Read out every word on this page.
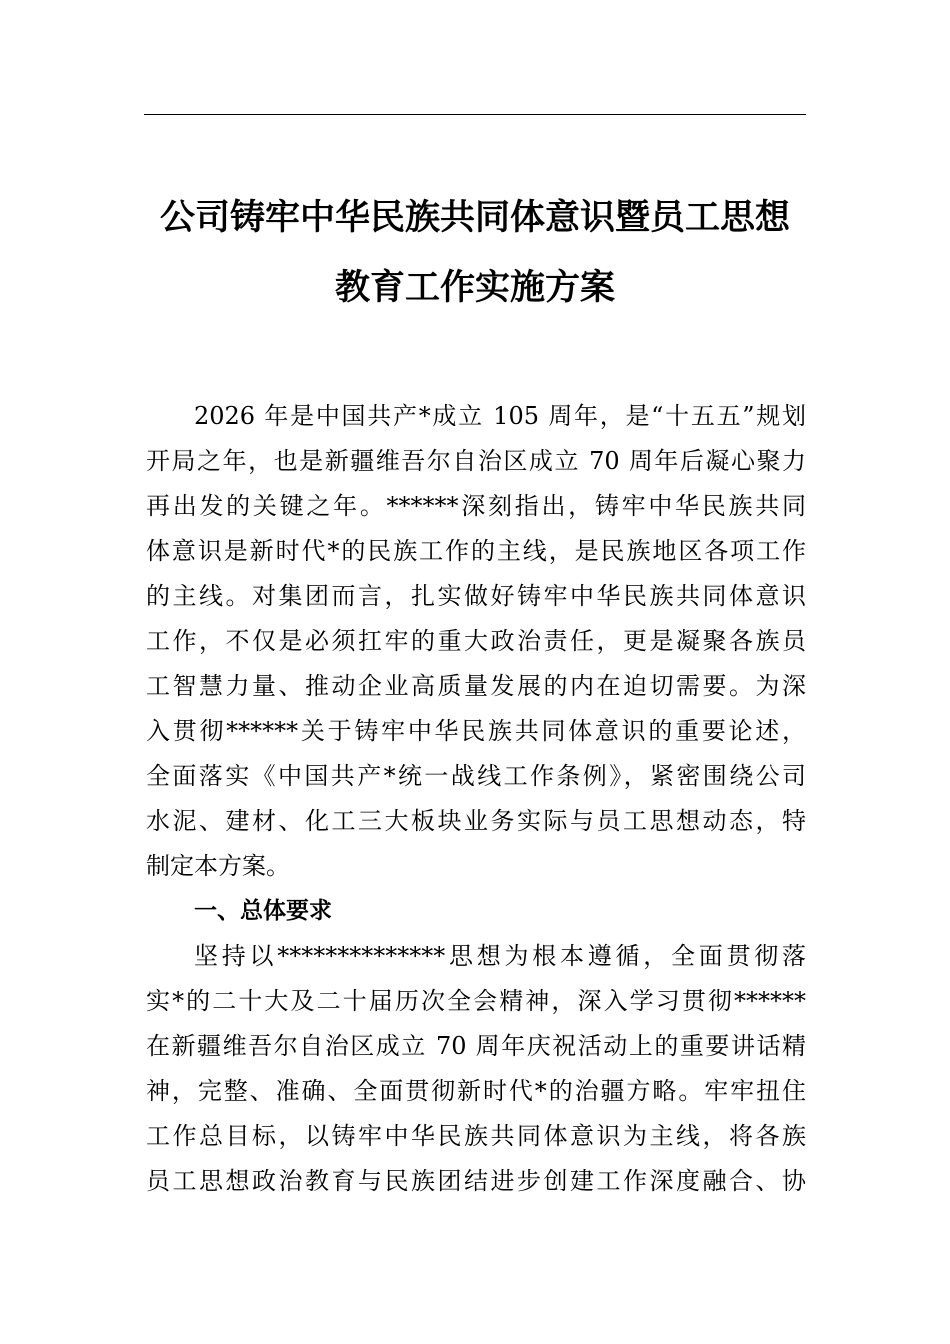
公司铸牢中华民族共同体意识暨员工思想
教育工作实施方案
2026 年是中国共产*成立 105 周年，是“十五五”规划
开局之年，也是新疆维吾尔自治区成立 70 周年后凝心聚力
再出发的关键之年。******深刻指出，铸牢中华民族共同
体意识是新时代*的民族工作的主线，是民族地区各项工作
的主线。对集团而言，扎实做好铸牢中华民族共同体意识
工作，不仅是必须扛牢的重大政治责任，更是凝聚各族员
工智慧力量、推动企业高质量发展的内在迫切需要。为深
入贯彻******关于铸牢中华民族共同体意识的重要论述，
全面落实《中国共产*统一战线工作条例》，紧密围绕公司
水泥、建材、化工三大板块业务实际与员工思想动态，特
制定本方案。
一、总体要求
坚持以**************思想为根本遵循，全面贯彻落
实*的二十大及二十届历次全会精神，深入学习贯彻******
在新疆维吾尔自治区成立 70 周年庆祝活动上的重要讲话精
神，完整、准确、全面贯彻新时代*的治疆方略。牢牢扭住
工作总目标，以铸牢中华民族共同体意识为主线，将各族
员工思想政治教育与民族团结进步创建工作深度融合、协
